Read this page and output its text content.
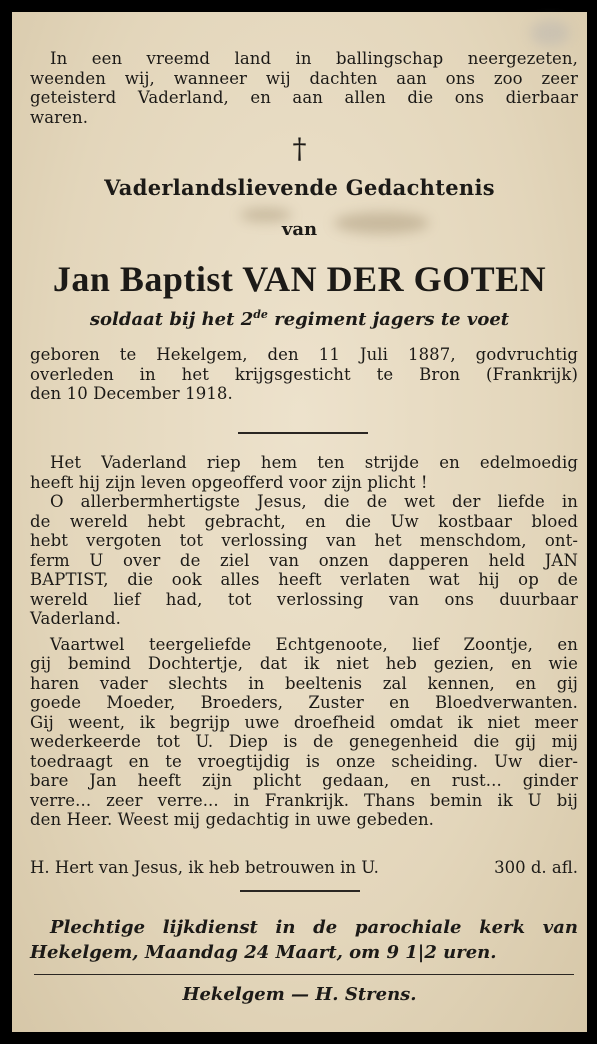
In een vreemd land in ballingschap neergezeten,

weenden wij, wanneer wij dachten aan ons zoo zeer

geteisterd Vaderland, en aan allen die ons dierbaar

waren.

†
Vaderlandslievende Gedachtenis
van
Jan Baptist VAN DER GOTEN
soldaat bij het 2de regiment jagers te voet

geboren te Hekelgem, den 11 Juli 1887, godvruchtig

overleden in het krijgsgesticht te Bron (Frankrijk)

den 10 December 1918.

Het Vaderland riep hem ten strijde en edelmoedig

heeft hij zijn leven opgeofferd voor zijn plicht !

O allerbermhertigste Jesus, die de wet der liefde in

de wereld hebt gebracht, en die Uw kostbaar bloed

hebt vergoten tot verlossing van het menschdom, ont-

ferm U over de ziel van onzen dapperen held JAN

BAPTIST, die ook alles heeft verlaten wat hij op de

wereld lief had, tot verlossing van ons duurbaar

Vaderland.

Vaartwel teergeliefde Echtgenoote, lief Zoontje, en

gij bemind Dochtertje, dat ik niet heb gezien, en wie

haren vader slechts in beeltenis zal kennen, en gij

goede Moeder, Broeders, Zuster en Bloedverwanten.

Gij weent, ik begrijp uwe droefheid omdat ik niet meer

wederkeerde tot U. Diep is de genegenheid die gij mij

toedraagt en te vroegtijdig is onze scheiding. Uw dier-

bare Jan heeft zijn plicht gedaan, en rust... ginder

verre... zeer verre... in Frankrijk. Thans bemin ik U bij

den Heer. Weest mij gedachtig in uwe gebeden.

H. Hert van Jesus, ik heb betrouwen in U.	300 d. afl.

Plechtige lijkdienst in de parochiale kerk van

Hekelgem, Maandag 24 Maart, om 9 1|2 uren.

Hekelgem — H. Strens.
